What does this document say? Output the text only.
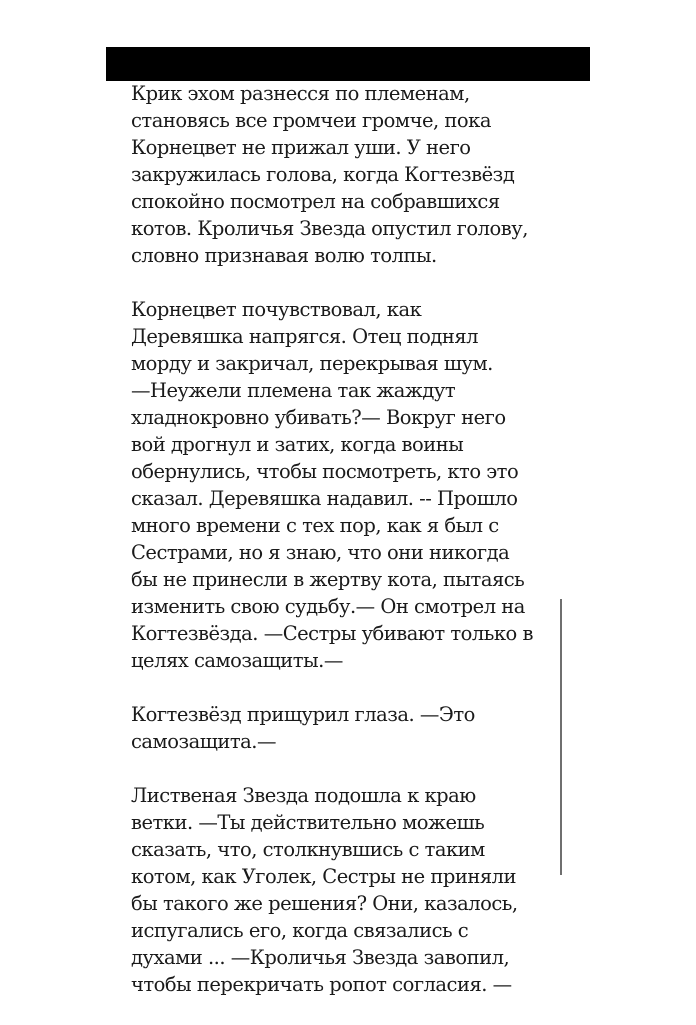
Крик эхом разнесся по племенам,
становясь все громчеи громче, пока
Корнецвет не прижал уши. У него
закружилась голова, когда Когтезвёзд
спокойно посмотрел на собравшихся
котов. Кроличья Звезда опустил голову,
словно признавая волю толпы.
Корнецвет почувствовал, как
Деревяшка напрягся. Отец поднял
морду и закричал, перекрывая шум.
—Неужели племена так жаждут
хладнокровно убивать?— Вокруг него
вой дрогнул и затих, когда воины
обернулись, чтобы посмотреть, кто это
сказал. Деревяшка надавил. -- Прошло
много времени с тех пор, как я был с
Сестрами, но я знаю, что они никогда
бы не принесли в жертву кота, пытаясь
изменить свою судьбу.— Он смотрел на
Когтезвёзда. —Сестры убивают только в
целях самозащиты.—
Когтезвёзд прищурил глаза. —Это
самозащита.—
Лиственая Звезда подошла к краю
ветки. —Ты действительно можешь
сказать, что, столкнувшись с таким
котом, как Уголек, Сестры не приняли
бы такого же решения? Они, казалось,
испугались его, когда связались с
духами ... —Кроличья Звезда завопил,
чтобы перекричать ропот согласия. —
